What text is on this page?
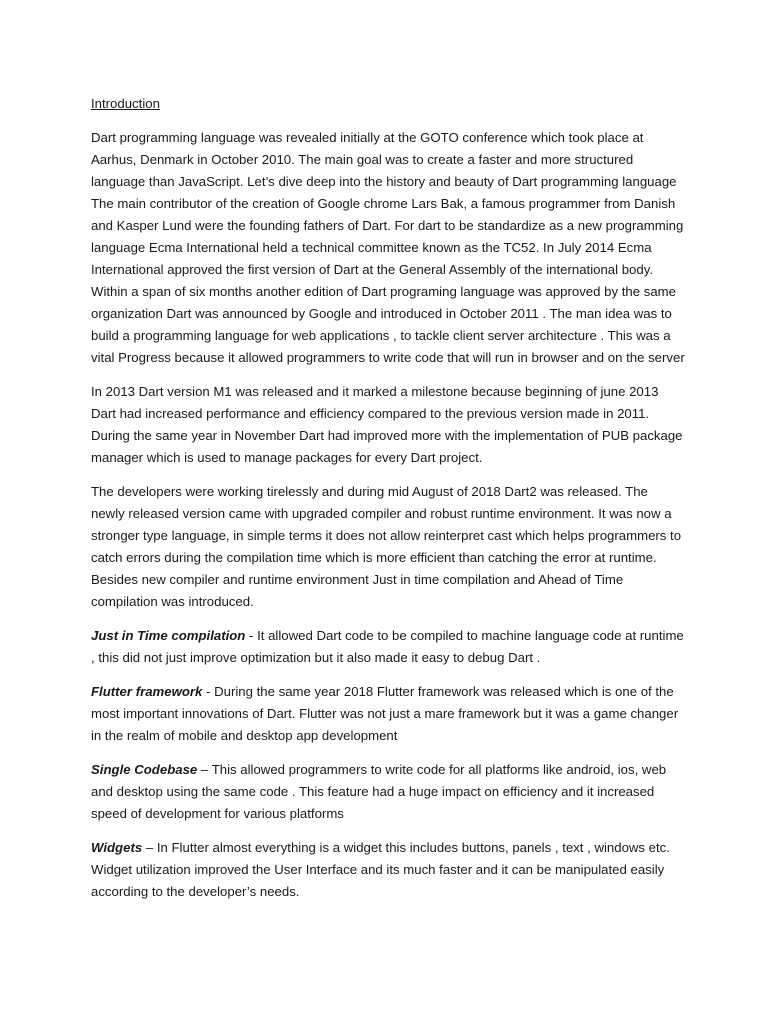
Introduction

Dart programming language was revealed initially at the GOTO conference which took place at Aarhus, Denmark in October 2010. The main goal was to create a faster and more structured language than JavaScript. Let’s dive deep into the history and beauty of Dart programming language The main contributor of the creation of Google chrome Lars Bak, a famous programmer from Danish and Kasper Lund were the founding fathers of Dart. For dart to be standardize as a new programming language Ecma International held a technical committee known as the TC52. In July 2014 Ecma International approved the first version of Dart at the General Assembly of the international body. Within a span of six months another edition of Dart programing language was approved by the same organization Dart was announced by Google and introduced in October 2011 . The man idea was to build a programming language for web applications , to tackle client server architecture . This was a vital Progress because it allowed programmers to write code that will run in browser and on the server

In 2013 Dart version M1 was released and it marked a milestone because beginning of june 2013 Dart had increased performance and efficiency compared to the previous version made in 2011. During the same year in November Dart had improved more with the implementation of PUB package manager which is used to manage packages for every Dart project.

The developers were working tirelessly and during mid August of 2018 Dart2 was released. The newly released version came with upgraded compiler and robust runtime environment. It was now a stronger type language, in simple terms it does not allow reinterpret cast which helps programmers to catch errors during the compilation time which is more efficient than catching the error at runtime. Besides new compiler and runtime environment Just in time compilation and Ahead of Time compilation was introduced.

Just in Time compilation - It allowed Dart code to be compiled to machine language code at runtime , this did not just improve optimization but it also made it easy to debug Dart .

Flutter framework - During the same year 2018 Flutter framework was released which is one of the most important innovations of Dart. Flutter was not just a mare framework but it was a game changer in the realm of mobile and desktop app development

Single Codebase – This allowed programmers to write code for all platforms like android, ios, web and desktop using the same code . This feature had a huge impact on efficiency and it increased speed of development for various platforms

Widgets – In Flutter almost everything is a widget this includes buttons, panels , text , windows etc. Widget utilization improved the User Interface and its much faster and it can be manipulated easily according to the developer’s needs.
